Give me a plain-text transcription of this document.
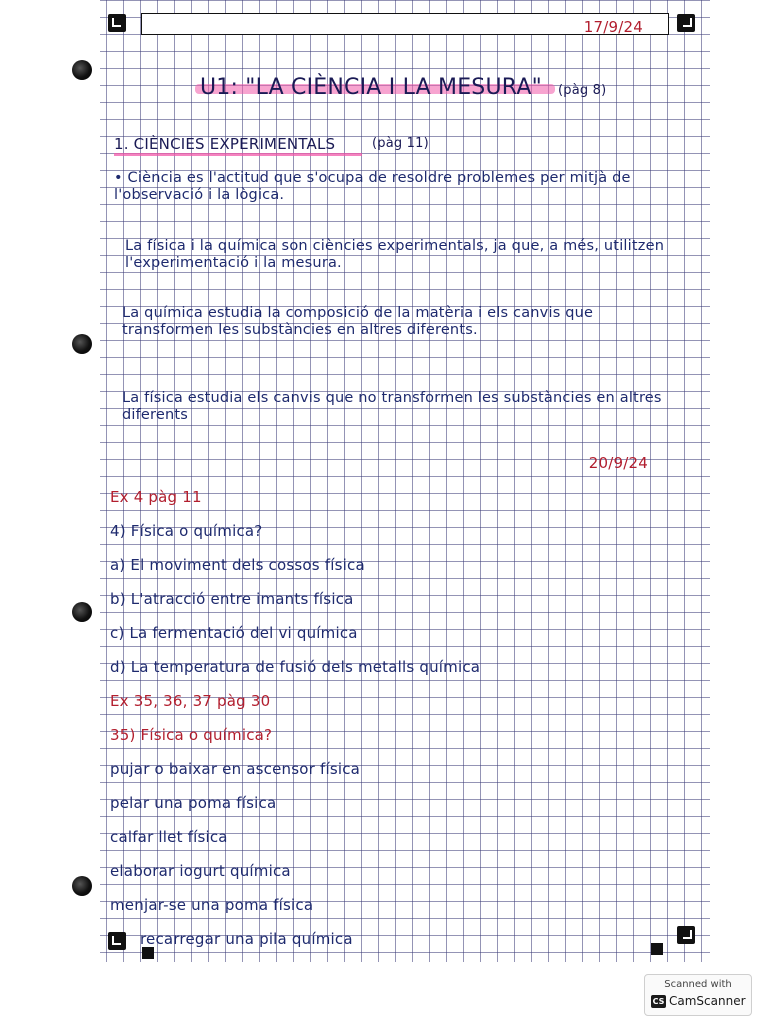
17/9/24
U1: "LA CIÈNCIA I LA MESURA" (pàg 8)
1. CIÈNCIES EXPERIMENTALS	(pàg 11)
• Ciència es l'actitud que s'ocupa de resoldre problemes per mitjà de l'observació i la lògica.
La física i la química son ciències experimentals, ja que, a més, utilitzen l'experimentació i la mesura.
La química estudia la composició de la matèria i els canvis que transformen les substàncies en altres diferents.
La física estudia els canvis que no transformen les substàncies en altres diferents
20/9/24
Ex 4 pàg 11
4) Física o química?
a) El moviment dels cossos física
b) L'atracció entre imants física
c) La fermentació del vi química
d) La temperatura de fusió dels metalls química
Ex 35, 36, 37 pàg 30
35) Física o química?
pujar o baixar en ascensor física
pelar una poma física
calfar llet física
elaborar iogurt química
menjar-se una poma física
recarregar una pila química
Scanned with
CS CamScanner
